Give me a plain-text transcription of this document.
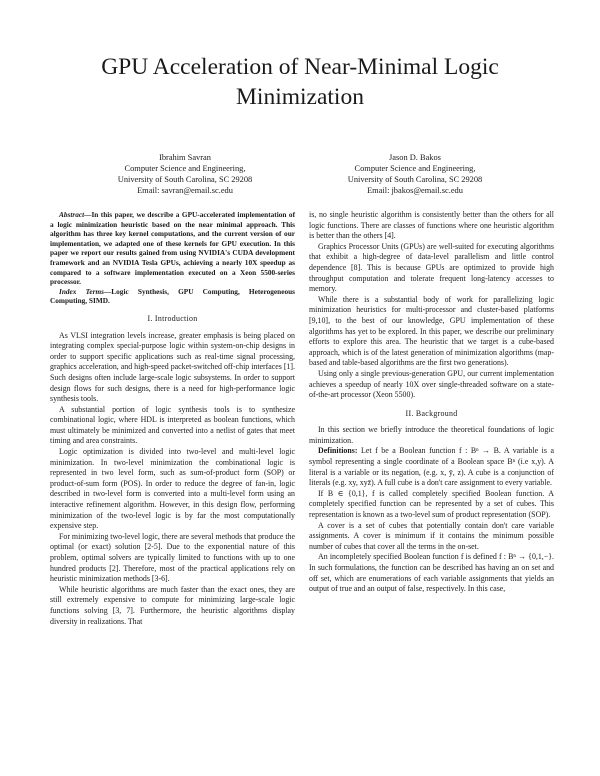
GPU Acceleration of Near-Minimal Logic Minimization
Ibrahim Savran
Computer Science and Engineering,
University of South Carolina, SC 29208
Email: savran@email.sc.edu
Jason D. Bakos
Computer Science and Engineering,
University of South Carolina, SC 29208
Email: jbakos@email.sc.edu

Abstract—In this paper, we describe a GPU-accelerated implementation of a logic minimization heuristic based on the near minimal approach. This algorithm has three key kernel computations, and the current version of our implementation, we adapted one of these kernels for GPU execution. In this paper we report our results gained from using NVIDIA's CUDA development framework and an NVIDIA Tesla GPUs, achieving a nearly 10X speedup as compared to a software implementation executed on a Xeon 5500-series processor.

Index Terms—Logic Synthesis, GPU Computing, Heterogeneous Computing, SIMD.

I. Introduction

As VLSI integration levels increase, greater emphasis is being placed on integrating complex special-purpose logic within system-on-chip designs in order to support specific applications such as real-time signal processing, graphics acceleration, and high-speed packet-switched off-chip interfaces [1]. Such designs often include large-scale logic subsystems. In order to support design flows for such designs, there is a need for high-performance logic synthesis tools.

A substantial portion of logic synthesis tools is to synthesize combinational logic, where HDL is interpreted as boolean functions, which must ultimately be minimized and converted into a netlist of gates that meet timing and area constraints.

Logic optimization is divided into two-level and multi-level logic minimization. In two-level minimization the combinational logic is represented in two level form, such as sum-of-product form (SOP) or product-of-sum form (POS). In order to reduce the degree of fan-in, logic described in two-level form is converted into a multi-level form using an interactive refinement algorithm. However, in this design flow, performing minimization of the two-level logic is by far the most computationally expensive step.

For minimizing two-level logic, there are several methods that produce the optimal (or exact) solution [2-5]. Due to the exponential nature of this problem, optimal solvers are typically limited to functions with up to one hundred products [2]. Therefore, most of the practical applications rely on heuristic minimization methods [3-6].

While heuristic algorithms are much faster than the exact ones, they are still extremely expensive to compute for minimizing large-scale logic functions solving [3, 7]. Furthermore, the heuristic algorithms display diversity in realizations. That

is, no single heuristic algorithm is consistently better than the others for all logic functions. There are classes of functions where one heuristic algorithm is better than the others [4].

Graphics Processor Units (GPUs) are well-suited for executing algorithms that exhibit a high-degree of data-level parallelism and little control dependence [8]. This is because GPUs are optimized to provide high throughput computation and tolerate frequent long-latency accesses to memory.

While there is a substantial body of work for parallelizing logic minimization heuristics for multi-processor and cluster-based platforms [9,10], to the best of our knowledge, GPU implementation of these algorithms has yet to be explored. In this paper, we describe our preliminary efforts to explore this area. The heuristic that we target is a cube-based approach, which is of the latest generation of minimization algorithms (map-based and table-based algorithms are the first two generations).

Using only a single previous-generation GPU, our current implementation achieves a speedup of nearly 10X over single-threaded software on a state-of-the-art processor (Xeon 5500).

II. Background

In this section we briefly introduce the theoretical foundations of logic minimization.

Definitions: Let f be a Boolean function f : Bⁿ → B. A variable is a symbol representing a single coordinate of a Boolean space Bⁿ (i.e x,y). A literal is a variable or its negation, (e.g. x, ȳ, z). A cube is a conjunction of literals (e.g. xy, xyz̄). A full cube is a don't care assignment to every variable.

If B ∈ {0,1}, f is called completely specified Boolean function. A completely specified function can be represented by a set of cubes. This representation is known as a two-level sum of product representation (SOP).

A cover is a set of cubes that potentially contain don't care variable assignments. A cover is minimum if it contains the minimum possible number of cubes that cover all the terms in the on-set.

An incompletely specified Boolean function f is defined f : Bⁿ → {0,1,−}. In such formulations, the function can be described has having an on set and off set, which are enumerations of each variable assignments that yields an output of true and an output of false, respectively. In this case,
